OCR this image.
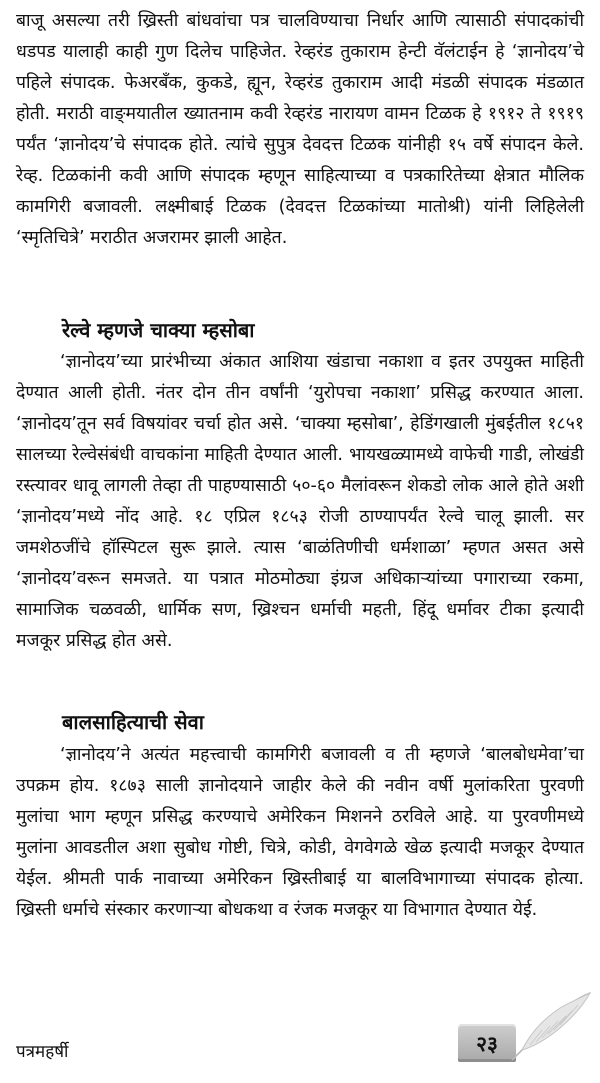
बाजू असल्या तरी ख्रिस्ती बांधवांचा पत्र चालविण्याचा निर्धार आणि त्यासाठी संपादकांची धडपड यालाही काही गुण दिलेच पाहिजेत. रेव्हरंड तुकाराम हेन्टी वॅलंटाईन हे ‘ज्ञानोदय’चे पहिले संपादक. फेअरबँक, कुकडे, ह्यून, रेव्हरंड तुकाराम आदी मंडळी संपादक मंडळात होती. मराठी वाङ्‌मयातील ख्यातनाम कवी रेव्हरंड नारायण वामन टिळक हे १९१२ ते १९१९ पर्यंत ‘ज्ञानोदय’चे संपादक होते. त्यांचे सुपुत्र देवदत्त टिळक यांनीही १५ वर्षे संपादन केले. रेव्ह. टिळकांनी कवी आणि संपादक म्हणून साहित्याच्या व पत्रकारितेच्या क्षेत्रात मौलिक कामगिरी बजावली. लक्ष्मीबाई टिळक (देवदत्त टिळकांच्या मातोश्री) यांनी लिहिलेली ‘स्मृतिचित्रे’ मराठीत अजरामर झाली आहेत.

रेल्वे म्हणजे चाक्या म्हसोबा

‘ज्ञानोदय’च्या प्रारंभीच्या अंकात आशिया खंडाचा नकाशा व इतर उपयुक्त माहिती देण्यात आली होती. नंतर दोन तीन वर्षांनी ‘युरोपचा नकाशा’ प्रसिद्ध करण्यात आला. ‘ज्ञानोदय’तून सर्व विषयांवर चर्चा होत असे. ‘चाक्या म्हसोबा’, हेडिंगखाली मुंबईतील १८५१ सालच्या रेल्वेसंबंधी वाचकांना माहिती देण्यात आली. भायखळ्यामध्ये वाफेची गाडी, लोखंडी रस्त्यावर धावू लागली तेव्हा ती पाहण्यासाठी ५०-६० मैलांवरून शेकडो लोक आले होते अशी ‘ज्ञानोदय’मध्ये नोंद आहे. १८ एप्रिल १८५३ रोजी ठाण्यापर्यंत रेल्वे चालू झाली. सर जमशेठजींचे हॉस्पिटल सुरू झाले. त्यास ‘बाळंतिणीची धर्मशाळा’ म्हणत असत असे ‘ज्ञानोदय’वरून समजते. या पत्रात मोठमोठ्या इंग्रज अधिकाऱ्यांच्या पगाराच्या रकमा, सामाजिक चळवळी, धार्मिक सण, ख्रिश्चन धर्माची महती, हिंदू धर्मावर टीका इत्यादी मजकूर प्रसिद्ध होत असे.

बालसाहित्याची सेवा

‘ज्ञानोदय’ने अत्यंत महत्त्वाची कामगिरी बजावली व ती म्हणजे ‘बालबोधमेवा’चा उपक्रम होय. १८७३ साली ज्ञानोदयाने जाहीर केले की नवीन वर्षी मुलांकरिता पुरवणी मुलांचा भाग म्हणून प्रसिद्ध करण्याचे अमेरिकन मिशनने ठरविले आहे. या पुरवणीमध्ये मुलांना आवडतील अशा सुबोध गोष्टी, चित्रे, कोडी, वेगवेगळे खेळ इत्यादी मजकूर देण्यात येईल. श्रीमती पार्क नावाच्या अमेरिकन ख्रिस्तीबाई या बालविभागाच्या संपादक होत्या. ख्रिस्ती धर्माचे संस्कार करणाऱ्या बोधकथा व रंजक मजकूर या विभागात देण्यात येई.

पत्रमहर्षी	२३
